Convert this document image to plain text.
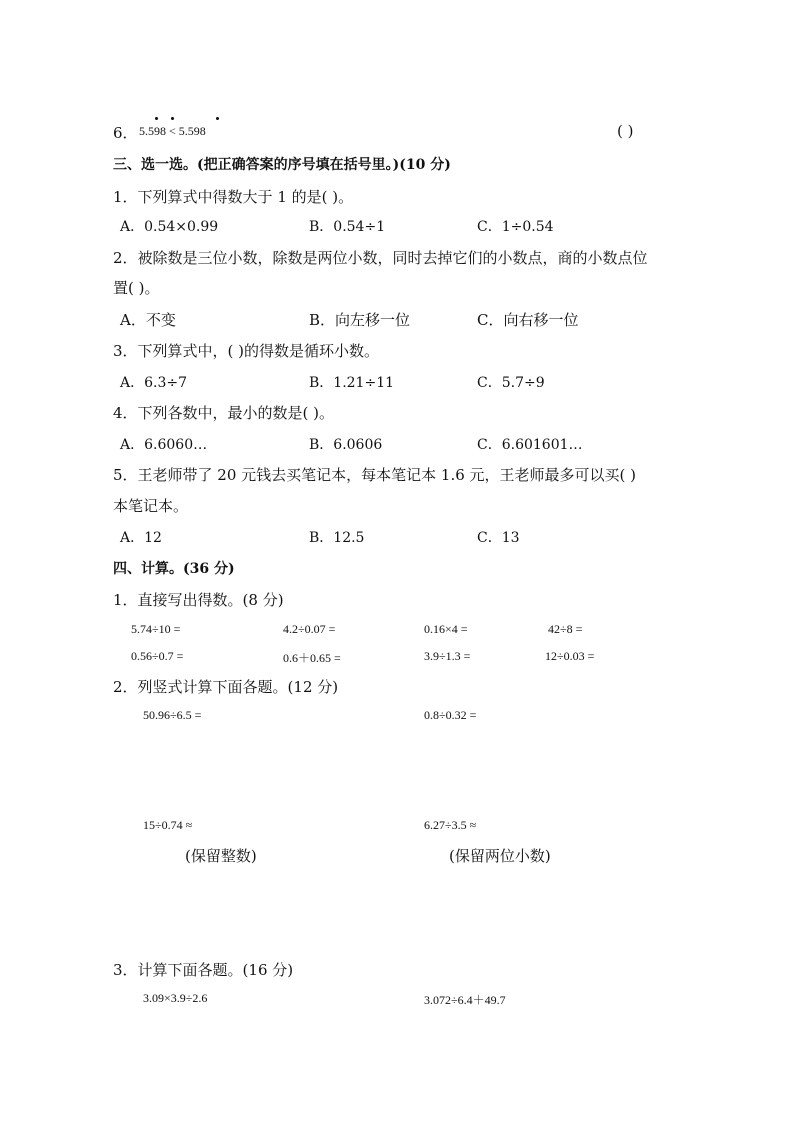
6． 5.598 < 5.598	( )
三、选一选。(把正确答案的序号填在括号里。)(10 分)
1．下列算式中得数大于 1 的是( )。
A．0.54×0.99	B．0.54÷1	C．1÷0.54
2．被除数是三位小数，除数是两位小数，同时去掉它们的小数点，商的小数点位
置( )。
A．不变	B．向左移一位	C．向右移一位
3．下列算式中，( )的得数是循环小数。
A．6.3÷7	B．1.21÷11	C．5.7÷9
4．下列各数中，最小的数是( )。
A．6.6060…	B．6.0606	C．6.601601…
5．王老师带了 20 元钱去买笔记本，每本笔记本 1.6 元，王老师最多可以买( )
本笔记本。
A．12	B．12.5	C．13
四、计算。(36 分)
1．直接写出得数。(8 分)
5.74÷10 =	4.2÷0.07 =	0.16×4 =	42÷8 =
0.56÷0.7 =	0.6＋0.65 =	3.9÷1.3 =	12÷0.03 =
2．列竖式计算下面各题。(12 分)
50.96÷6.5 =	0.8÷0.32 =
15÷0.74 ≈	6.27÷3.5 ≈
(保留整数)	(保留两位小数)
3．计算下面各题。(16 分)
3.09×3.9÷2.6	3.072÷6.4＋49.7
